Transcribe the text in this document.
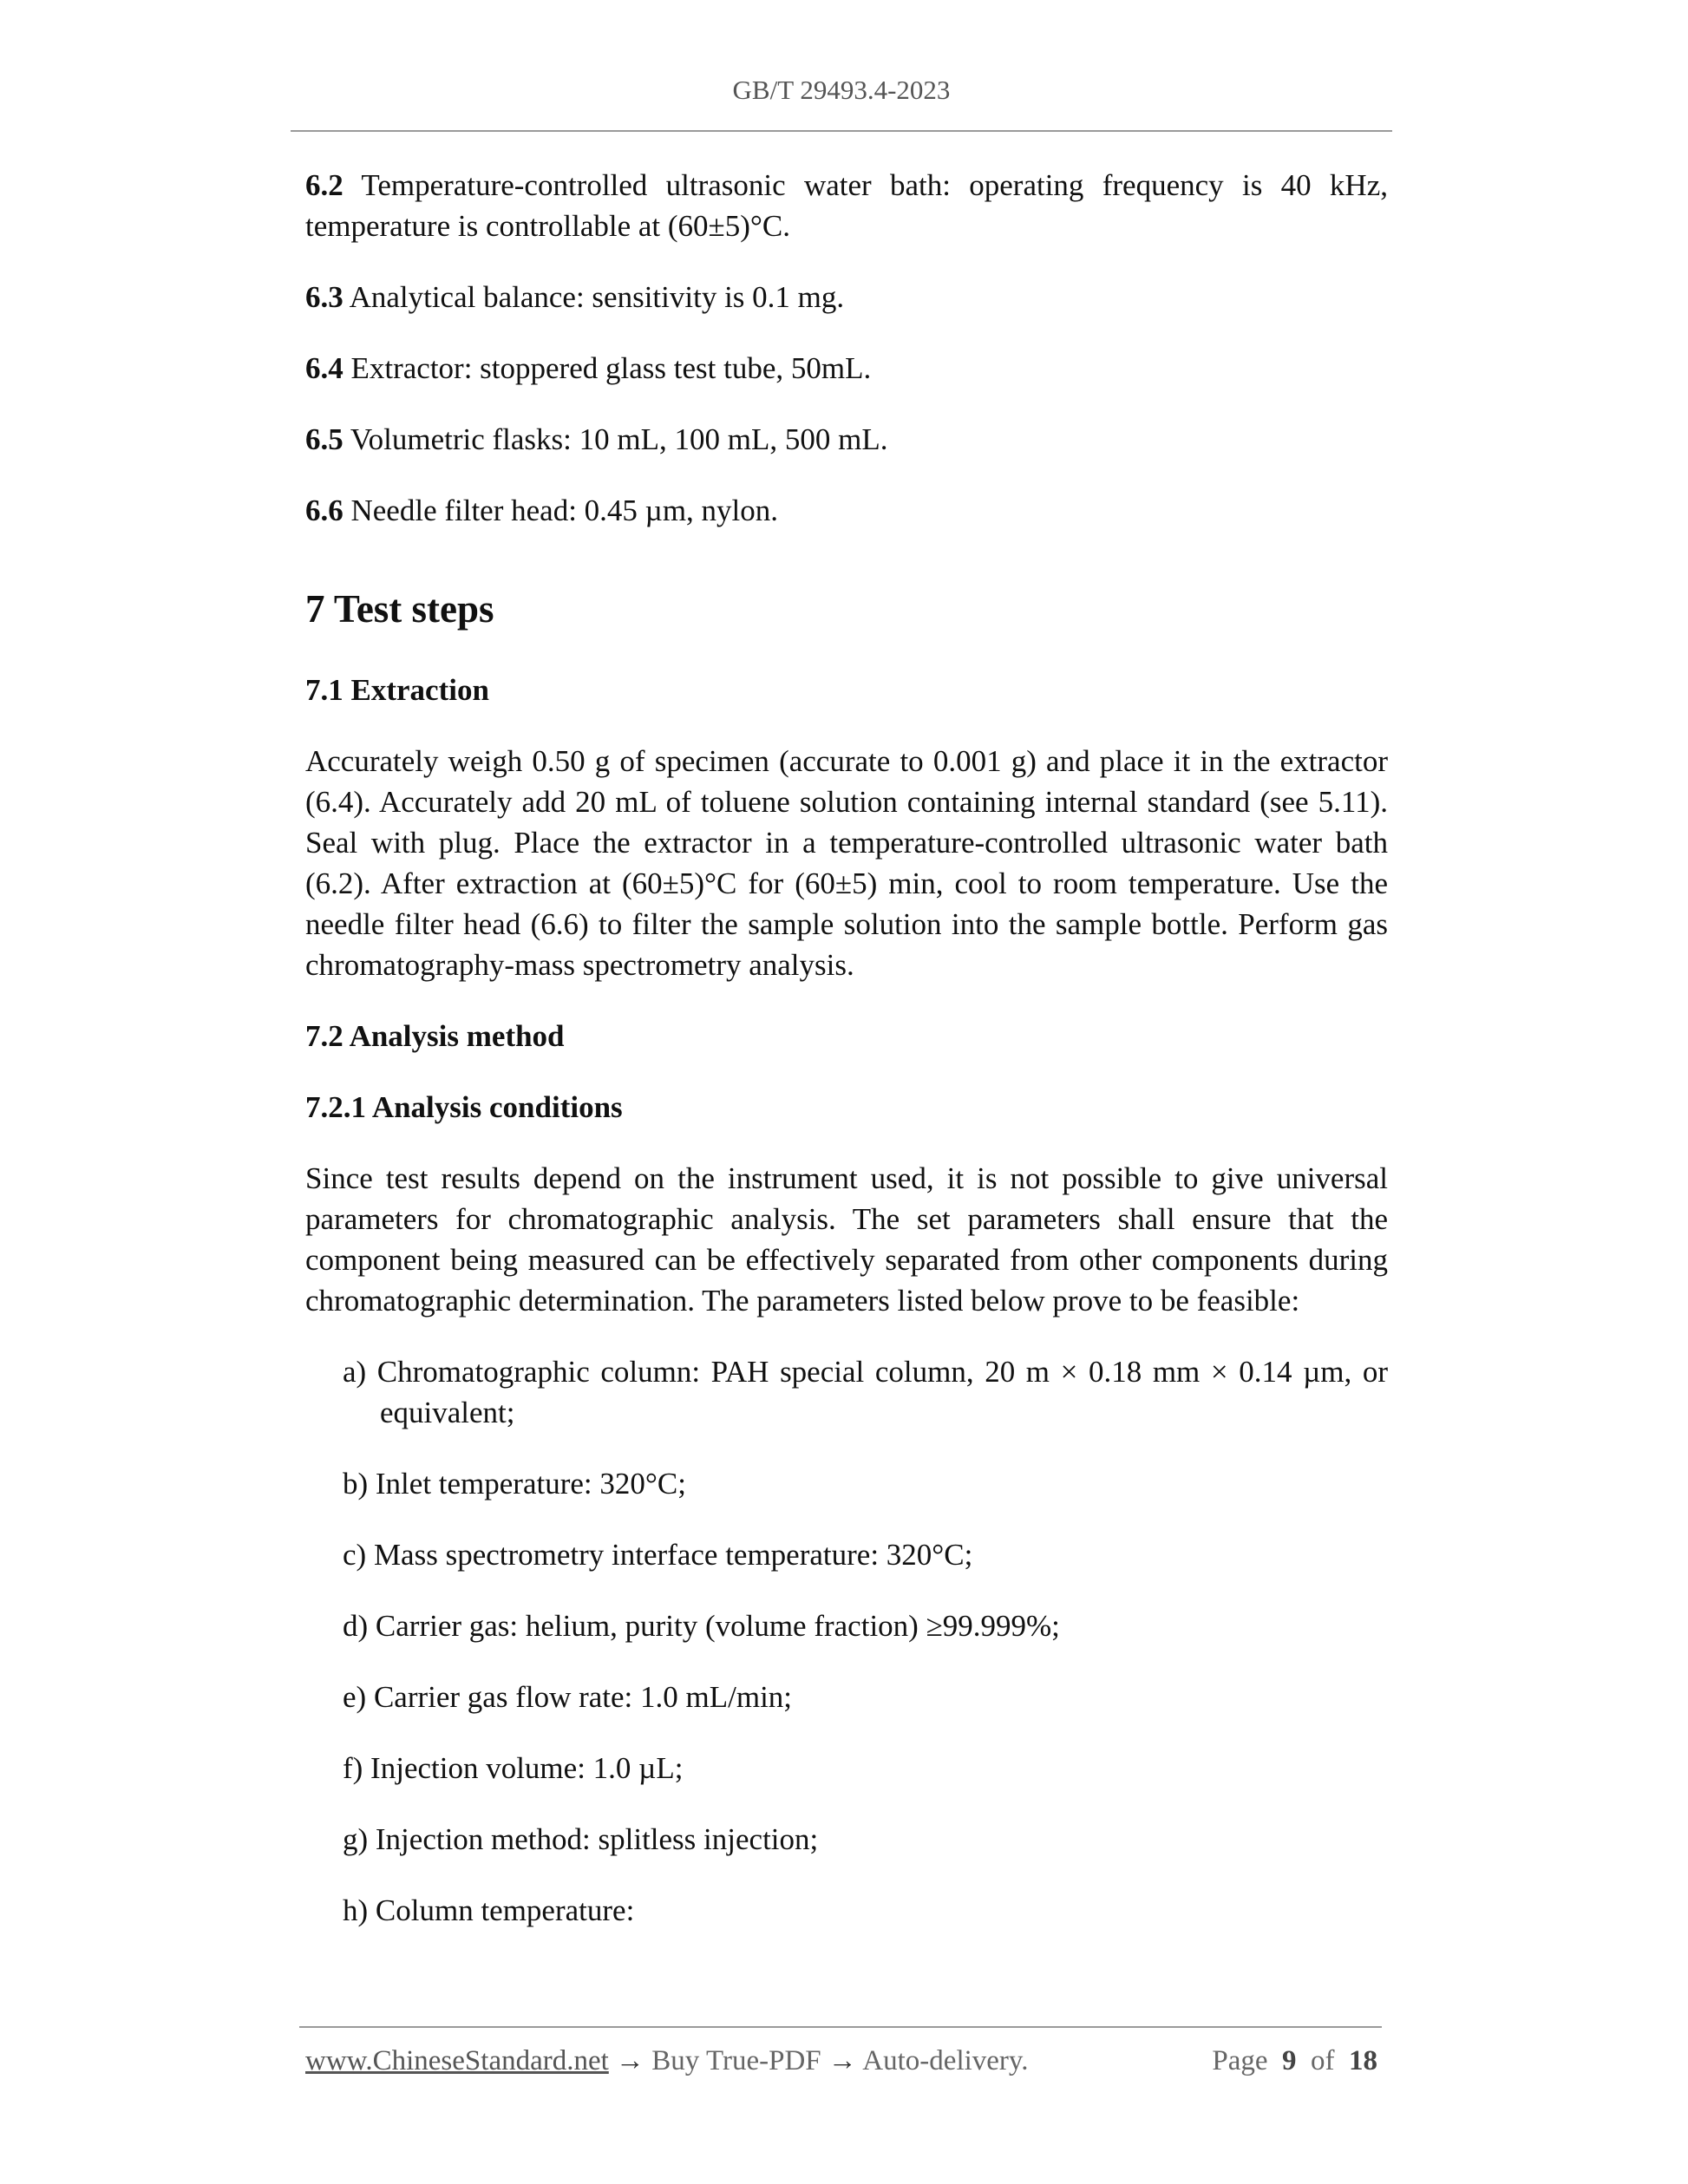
GB/T 29493.4-2023

6.2 Temperature-controlled ultrasonic water bath: operating frequency is 40 kHz, temperature is controllable at (60±5)°C.

6.3 Analytical balance: sensitivity is 0.1 mg.

6.4 Extractor: stoppered glass test tube, 50mL.

6.5 Volumetric flasks: 10 mL, 100 mL, 500 mL.

6.6 Needle filter head: 0.45 µm, nylon.

7 Test steps

7.1 Extraction

Accurately weigh 0.50 g of specimen (accurate to 0.001 g) and place it in the extractor (6.4). Accurately add 20 mL of toluene solution containing internal standard (see 5.11). Seal with plug. Place the extractor in a temperature-controlled ultrasonic water bath (6.2). After extraction at (60±5)°C for (60±5) min, cool to room temperature. Use the needle filter head (6.6) to filter the sample solution into the sample bottle. Perform gas chromatography-mass spectrometry analysis.

7.2 Analysis method

7.2.1 Analysis conditions

Since test results depend on the instrument used, it is not possible to give universal parameters for chromatographic analysis. The set parameters shall ensure that the component being measured can be effectively separated from other components during chromatographic determination. The parameters listed below prove to be feasible:

a) Chromatographic column: PAH special column, 20 m × 0.18 mm × 0.14 µm, or equivalent;

b) Inlet temperature: 320°C;

c) Mass spectrometry interface temperature: 320°C;

d) Carrier gas: helium, purity (volume fraction) ≥99.999%;

e) Carrier gas flow rate: 1.0 mL/min;

f) Injection volume: 1.0 µL;

g) Injection method: splitless injection;

h) Column temperature:

www.ChineseStandard.net → Buy True-PDF → Auto-delivery.	Page 9 of 18
